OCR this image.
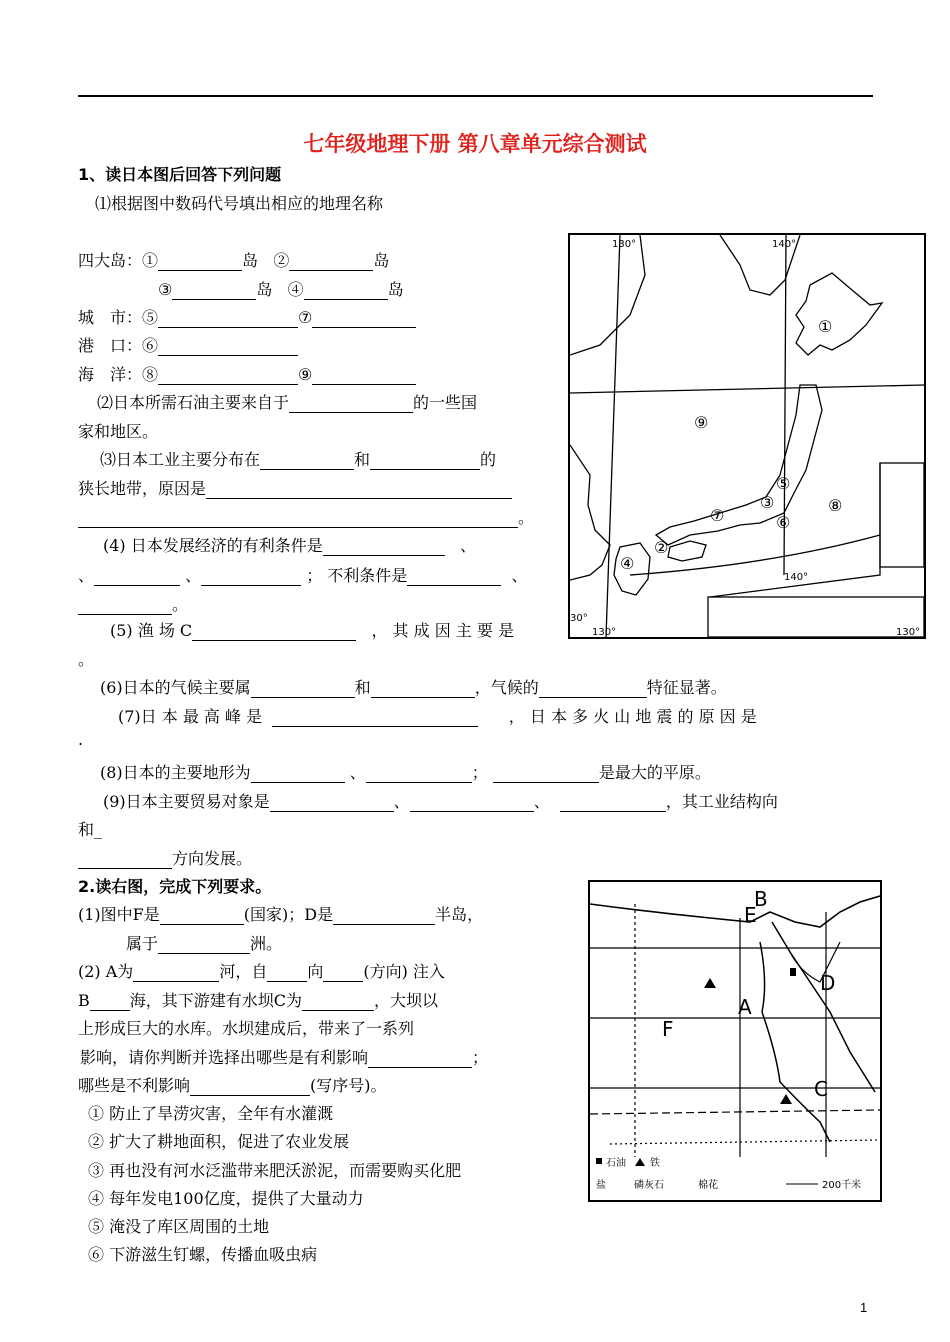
七年级地理下册 第八章单元综合测试
1、读日本图后回答下列问题
⑴根据图中数码代号填出相应的地理名称
四大岛：①	岛 ②	岛
③	岛 ④	岛
城　市：⑤	⑦
港　口：⑥
海　洋：⑧	⑨
⑵日本所需石油主要来自于	的一些国
家和地区。
⑶日本工业主要分布在	和	的
狭长地带，原因是
。
(4) 日本发展经济的有利条件是	、
、	、	； 不利条件是	、
。
(5) 渔 场 C	， 其 成 因 主 要 是
。
(6)日本的气候主要属	和	，气候的	特征显著。
(7)日 本 最 高 峰 是	， 日 本 多 火 山 地 震 的 原 因 是
.
(8)日本的主要地形为	、	；	是最大的平原。
(9)日本主要贸易对象是	、	、	，其工业结构向
和_
方向发展。
2.读右图，完成下列要求。
(1)图中F是	(国家)；D是	半岛，
属于	洲。
(2) A为	河，自	向	(方向) 注入
B	海，其下游建有水坝C为	，大坝以
上形成巨大的水库。水坝建成后，带来了一系列
影响，请你判断并选择出哪些是有利影响	；
哪些是不利影响	(写序号)。
① 防止了旱涝灾害，全年有水灌溉
② 扩大了耕地面积，促进了农业发展
③ 再也没有河水泛滥带来肥沃淤泥，而需要购买化肥
④ 每年发电100亿度，提供了大量动力
⑤ 淹没了库区周围的土地
⑥ 下游滋生钉螺，传播血吸虫病
130°	140°
130°
140°
130°
30°
①
②
③
④
⑤
⑥
⑦
⑧
⑨
B
E
D
A
F
C
石油 铁
盐	磷灰石	棉花	200千米
1
